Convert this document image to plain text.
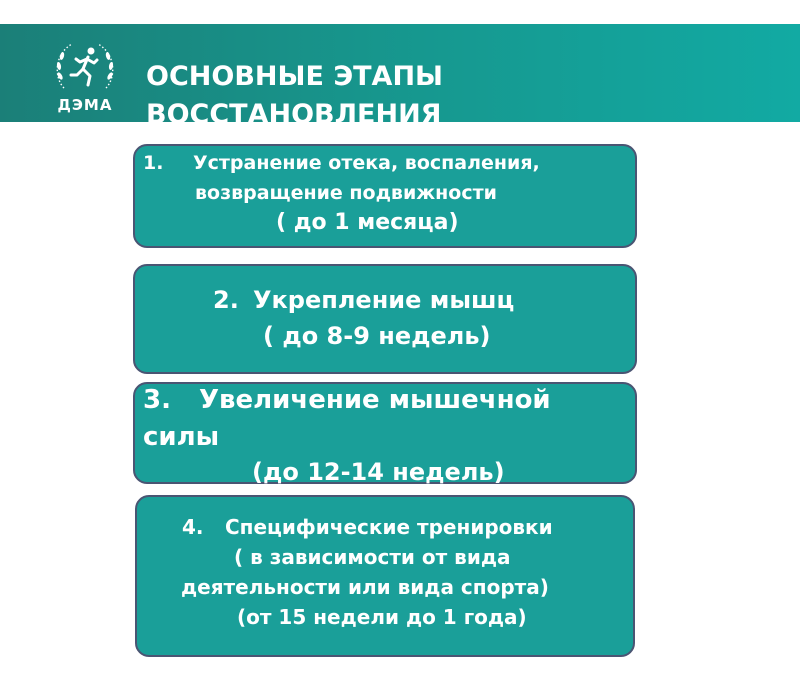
ДЭМА
ОСНОВНЫЕ ЭТАПЫ
ВОССТАНОВЛЕНИЯ
1. Устранение отека, воспаления,
возвращение подвижности
( до 1 месяца)
2. Укрепление мышц
( до 8-9 недель)
3. Увеличение мышечной
силы
(до 12-14 недель)
4. Специфические тренировки
( в зависимости от вида
деятельности или вида спорта)
(от 15 недели до 1 года)
